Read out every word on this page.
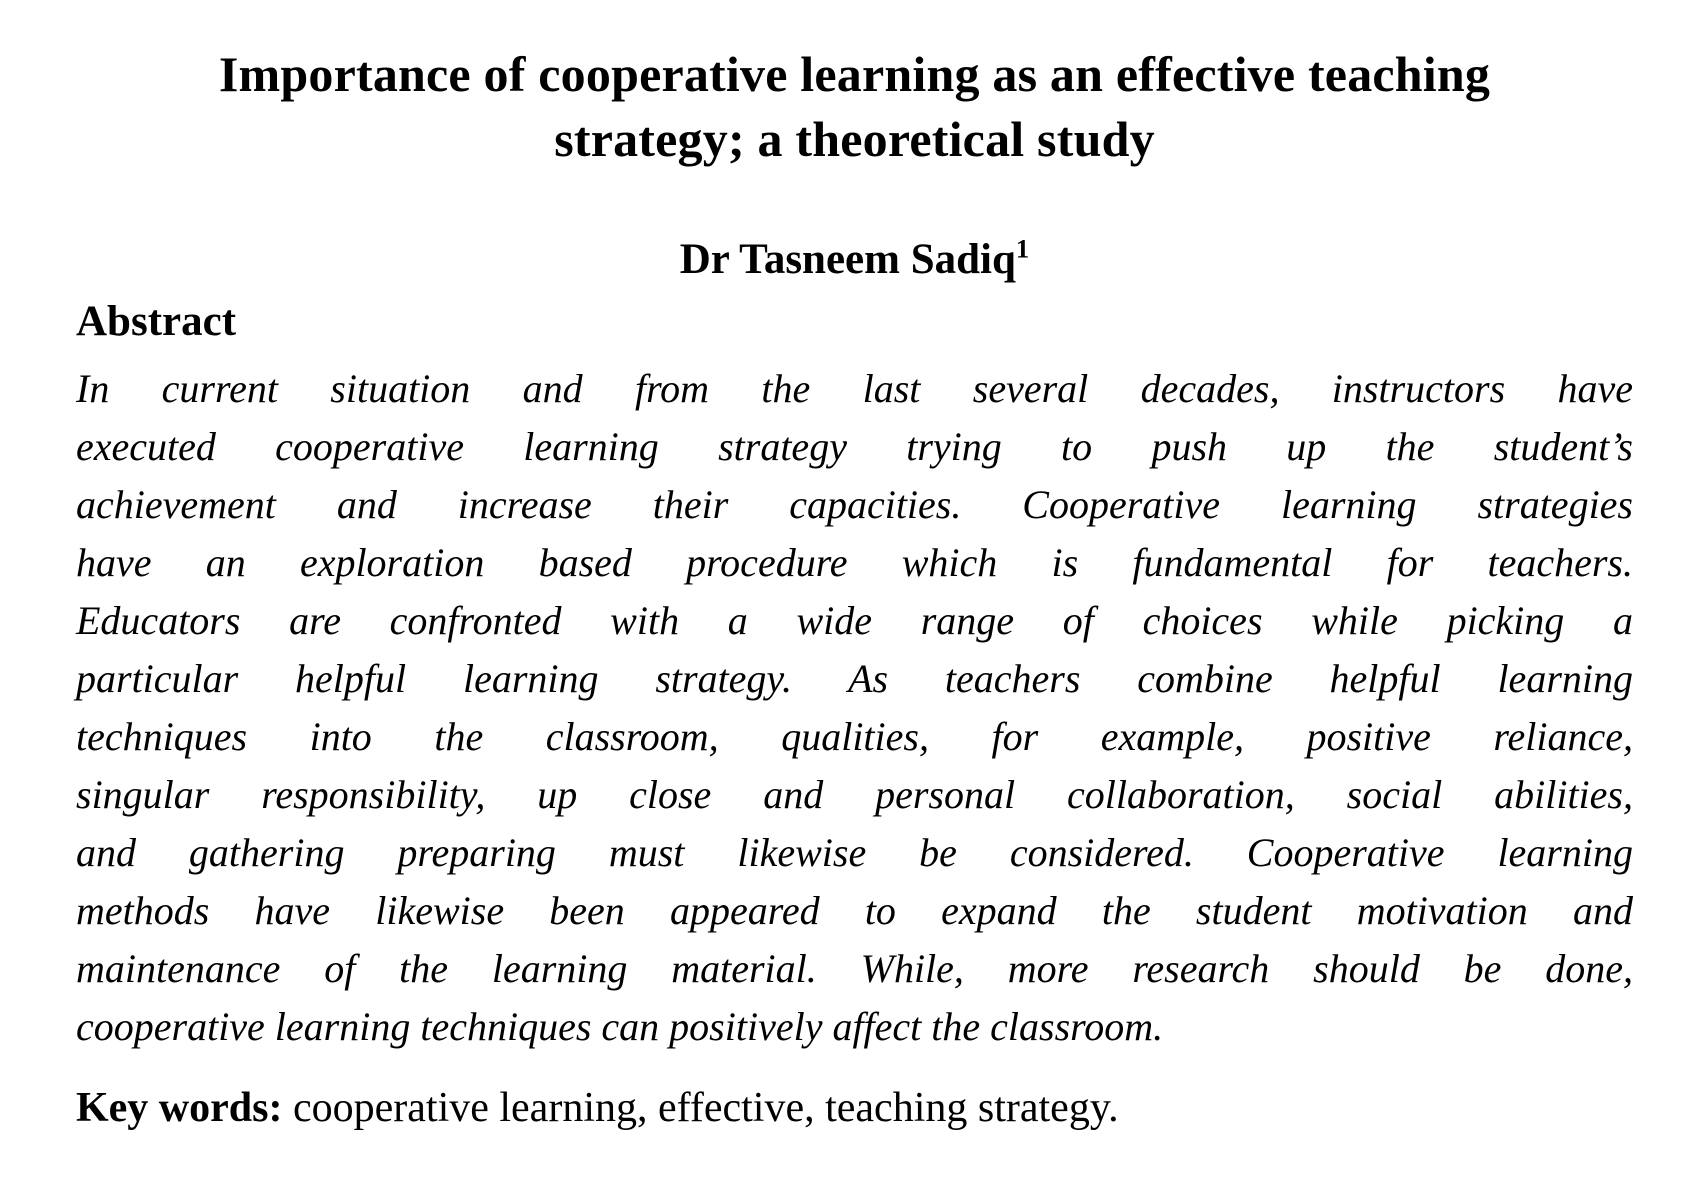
Importance of cooperative learning as an effective teaching
strategy; a theoretical study
Dr Tasneem Sadiq$^1$
Abstract
In current situation and from the last several decades, instructors have
executed cooperative learning strategy trying to push up the student’s
achievement and increase their capacities. Cooperative learning strategies
have an exploration based procedure which is fundamental for teachers.
Educators are confronted with a wide range of choices while picking a
particular helpful learning strategy. As teachers combine helpful learning
techniques into the classroom, qualities, for example, positive reliance,
singular responsibility, up close and personal collaboration, social abilities,
and gathering preparing must likewise be considered. Cooperative learning
methods have likewise been appeared to expand the student motivation and
maintenance of the learning material. While, more research should be done,
cooperative learning techniques can positively affect the classroom.
Key words: cooperative learning, effective, teaching strategy.
